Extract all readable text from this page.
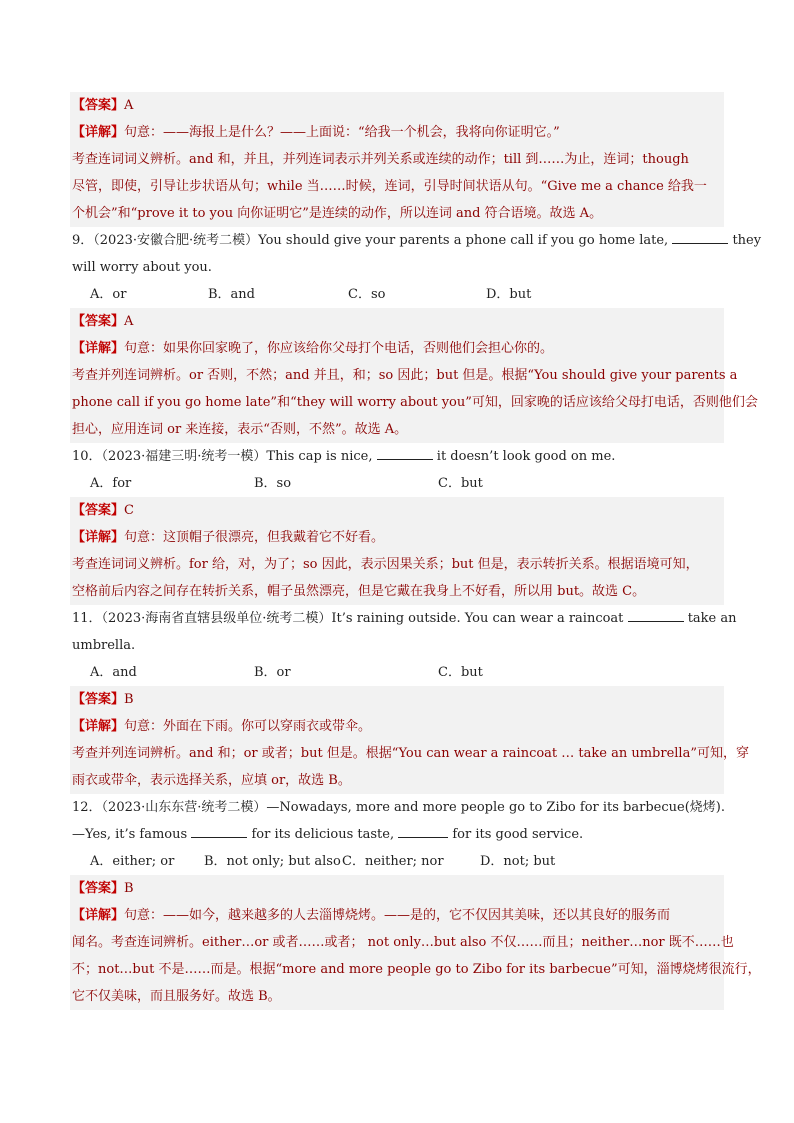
【答案】A
【详解】句意：——海报上是什么？——上面说：“给我一个机会，我将向你证明它。”
考查连词词义辨析。and 和，并且，并列连词表示并列关系或连续的动作；till 到……为止，连词；though
尽管，即使，引导让步状语从句；while 当……时候，连词，引导时间状语从句。“Give me a chance 给我一
个机会”和“prove it to you 向你证明它”是连续的动作，所以连词 and 符合语境。故选 A。
9．（2023·安徽合肥·统考二模）You should give your parents a phone call if you go home late,	they
will worry about you.
A．or	B．and	C．so	D．but
【答案】A
【详解】句意：如果你回家晚了，你应该给你父母打个电话，否则他们会担心你的。
考查并列连词辨析。or 否则，不然；and 并且，和；so 因此；but 但是。根据“You should give your parents a
phone call if you go home late”和“they will worry about you”可知，回家晚的话应该给父母打电话，否则他们会
担心，应用连词 or 来连接，表示“否则，不然”。故选 A。
10．（2023·福建三明·统考一模）This cap is nice,	it doesn’t look good on me.
A．for	B．so	C．but
【答案】C
【详解】句意：这顶帽子很漂亮，但我戴着它不好看。
考查连词词义辨析。for 给，对，为了；so 因此，表示因果关系；but 但是，表示转折关系。根据语境可知，
空格前后内容之间存在转折关系，帽子虽然漂亮，但是它戴在我身上不好看，所以用 but。故选 C。
11．（2023·海南省直辖县级单位·统考二模）It’s raining outside. You can wear a raincoat	take an
umbrella.
A．and	B．or	C．but
【答案】B
【详解】句意：外面在下雨。你可以穿雨衣或带伞。
考查并列连词辨析。and 和；or 或者；but 但是。根据“You can wear a raincoat … take an umbrella”可知，穿
雨衣或带伞，表示选择关系，应填 or，故选 B。
12．（2023·山东东营·统考二模）—Nowadays, more and more people go to Zibo for its barbecue(烧烤).
—Yes, it’s famous	for its delicious taste,	for its good service.
A．either; or B．not only; but alsoC．neither; nor	D．not; but
【答案】B
【详解】句意：——如今，越来越多的人去淄博烧烤。——是的，它不仅因其美味，还以其良好的服务而
闻名。考查连词辨析。either…or 或者……或者； not only…but also 不仅……而且；neither…nor 既不……也
不；not…but 不是……而是。根据“more and more people go to Zibo for its barbecue”可知，淄博烧烤很流行，
它不仅美味，而且服务好。故选 B。
